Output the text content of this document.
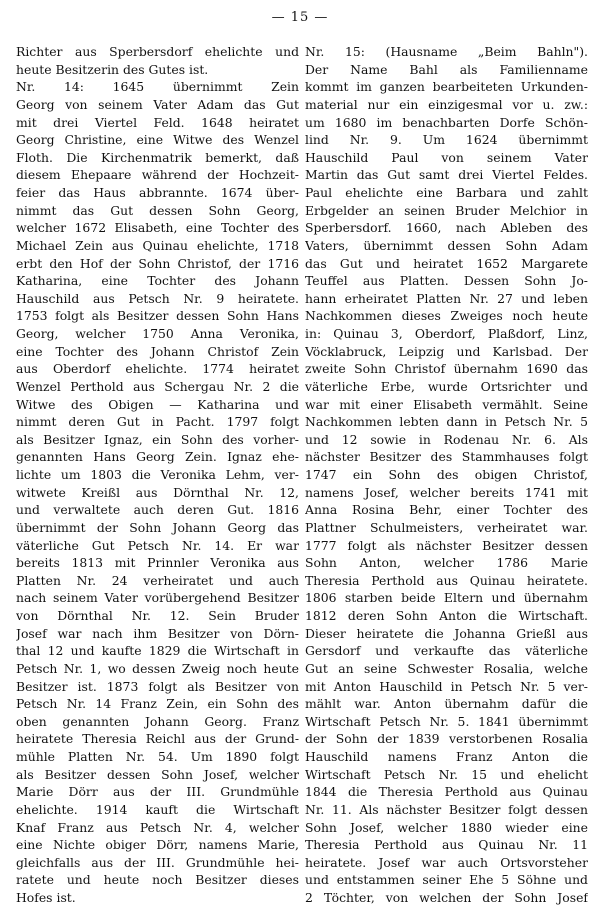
— 15 —
Richter aus Sperbersdorf ehelichte und
heute Besitzerin des Gutes ist.
Nr. 14: 1645 übernimmt Zein
Georg von seinem Vater Adam das Gut
mit drei Viertel Feld. 1648 heiratet
Georg Christine, eine Witwe des Wenzel
Floth. Die Kirchenmatrik bemerkt, daß
diesem Ehepaare während der Hochzeit-
feier das Haus abbrannte. 1674 über-
nimmt das Gut dessen Sohn Georg,
welcher 1672 Elisabeth, eine Tochter des
Michael Zein aus Quinau ehelichte, 1718
erbt den Hof der Sohn Christof, der 1716
Katharina, eine Tochter des Johann
Hauschild aus Petsch Nr. 9 heiratete.
1753 folgt als Besitzer dessen Sohn Hans
Georg, welcher 1750 Anna Veronika,
eine Tochter des Johann Christof Zein
aus Oberdorf ehelichte. 1774 heiratet
Wenzel Perthold aus Schergau Nr. 2 die
Witwe des Obigen — Katharina und
nimmt deren Gut in Pacht. 1797 folgt
als Besitzer Ignaz, ein Sohn des vorher-
genannten Hans Georg Zein. Ignaz ehe-
lichte um 1803 die Veronika Lehm, ver-
witwete Kreißl aus Dörnthal Nr. 12,
und verwaltete auch deren Gut. 1816
übernimmt der Sohn Johann Georg das
väterliche Gut Petsch Nr. 14. Er war
bereits 1813 mit Prinnler Veronika aus
Platten Nr. 24 verheiratet und auch
nach seinem Vater vorübergehend Besitzer
von Dörnthal Nr. 12. Sein Bruder
Josef war nach ihm Besitzer von Dörn-
thal 12 und kaufte 1829 die Wirtschaft in
Petsch Nr. 1, wo dessen Zweig noch heute
Besitzer ist. 1873 folgt als Besitzer von
Petsch Nr. 14 Franz Zein, ein Sohn des
oben genannten Johann Georg. Franz
heiratete Theresia Reichl aus der Grund-
mühle Platten Nr. 54. Um 1890 folgt
als Besitzer dessen Sohn Josef, welcher
Marie Dörr aus der III. Grundmühle
ehelichte. 1914 kauft die Wirtschaft
Knaf Franz aus Petsch Nr. 4, welcher
eine Nichte obiger Dörr, namens Marie,
gleichfalls aus der III. Grundmühle hei-
ratete und heute noch Besitzer dieses
Hofes ist.
Nr. 15: (Hausname „Beim Bahln").
Der Name Bahl als Familienname
kommt im ganzen bearbeiteten Urkunden-
material nur ein einzigesmal vor u. zw.:
um 1680 im benachbarten Dorfe Schön-
lind Nr. 9. Um 1624 übernimmt
Hauschild Paul von seinem Vater
Martin das Gut samt drei Viertel Feldes.
Paul ehelichte eine Barbara und zahlt
Erbgelder an seinen Bruder Melchior in
Sperbersdorf. 1660, nach Ableben des
Vaters, übernimmt dessen Sohn Adam
das Gut und heiratet 1652 Margarete
Teuffel aus Platten. Dessen Sohn Jo-
hann erheiratet Platten Nr. 27 und leben
Nachkommen dieses Zweiges noch heute
in: Quinau 3, Oberdorf, Plaßdorf, Linz,
Vöcklabruck, Leipzig und Karlsbad. Der
zweite Sohn Christof übernahm 1690 das
väterliche Erbe, wurde Ortsrichter und
war mit einer Elisabeth vermählt. Seine
Nachkommen lebten dann in Petsch Nr. 5
und 12 sowie in Rodenau Nr. 6. Als
nächster Besitzer des Stammhauses folgt
1747 ein Sohn des obigen Christof,
namens Josef, welcher bereits 1741 mit
Anna Rosina Behr, einer Tochter des
Plattner Schulmeisters, verheiratet war.
1777 folgt als nächster Besitzer dessen
Sohn Anton, welcher 1786 Marie
Theresia Perthold aus Quinau heiratete.
1806 starben beide Eltern und übernahm
1812 deren Sohn Anton die Wirtschaft.
Dieser heiratete die Johanna Grießl aus
Gersdorf und verkaufte das väterliche
Gut an seine Schwester Rosalia, welche
mit Anton Hauschild in Petsch Nr. 5 ver-
mählt war. Anton übernahm dafür die
Wirtschaft Petsch Nr. 5. 1841 übernimmt
der Sohn der 1839 verstorbenen Rosalia
Hauschild namens Franz Anton die
Wirtschaft Petsch Nr. 15 und ehelicht
1844 die Theresia Perthold aus Quinau
Nr. 11. Als nächster Besitzer folgt dessen
Sohn Josef, welcher 1880 wieder eine
Theresia Perthold aus Quinau Nr. 11
heiratete. Josef war auch Ortsvorsteher
und entstammen seiner Ehe 5 Söhne und
2 Töchter, von welchen der Sohn Josef
